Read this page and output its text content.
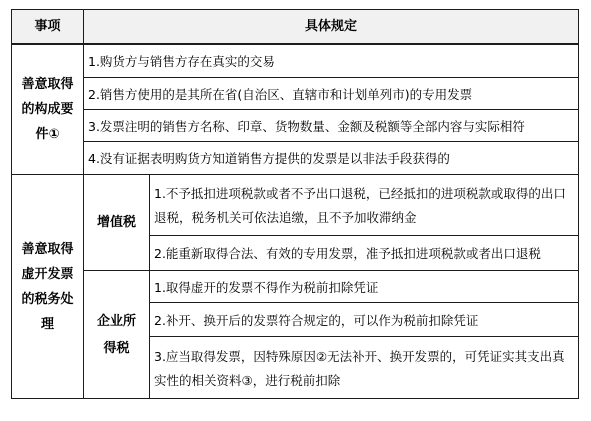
事项	具体规定
善意取得的构成要件①
1.购货方与销售方存在真实的交易
2.销售方使用的是其所在省(自治区、直辖市和计划单列市)的专用发票
3.发票注明的销售方名称、印章、货物数量、金额及税额等全部内容与实际相符
4.没有证据表明购货方知道销售方提供的发票是以非法手段获得的
善意取得虚开发票的税务处理
增值税
1.不予抵扣进项税款或者不予出口退税，已经抵扣的进项税款或取得的出口退税，税务机关可依法追缴，且不予加收滞纳金
2.能重新取得合法、有效的专用发票，准予抵扣进项税款或者出口退税
企业所得税
1.取得虚开的发票不得作为税前扣除凭证
2.补开、换开后的发票符合规定的，可以作为税前扣除凭证
3.应当取得发票，因特殊原因②无法补开、换开发票的，可凭证实其支出真实性的相关资料③，进行税前扣除
